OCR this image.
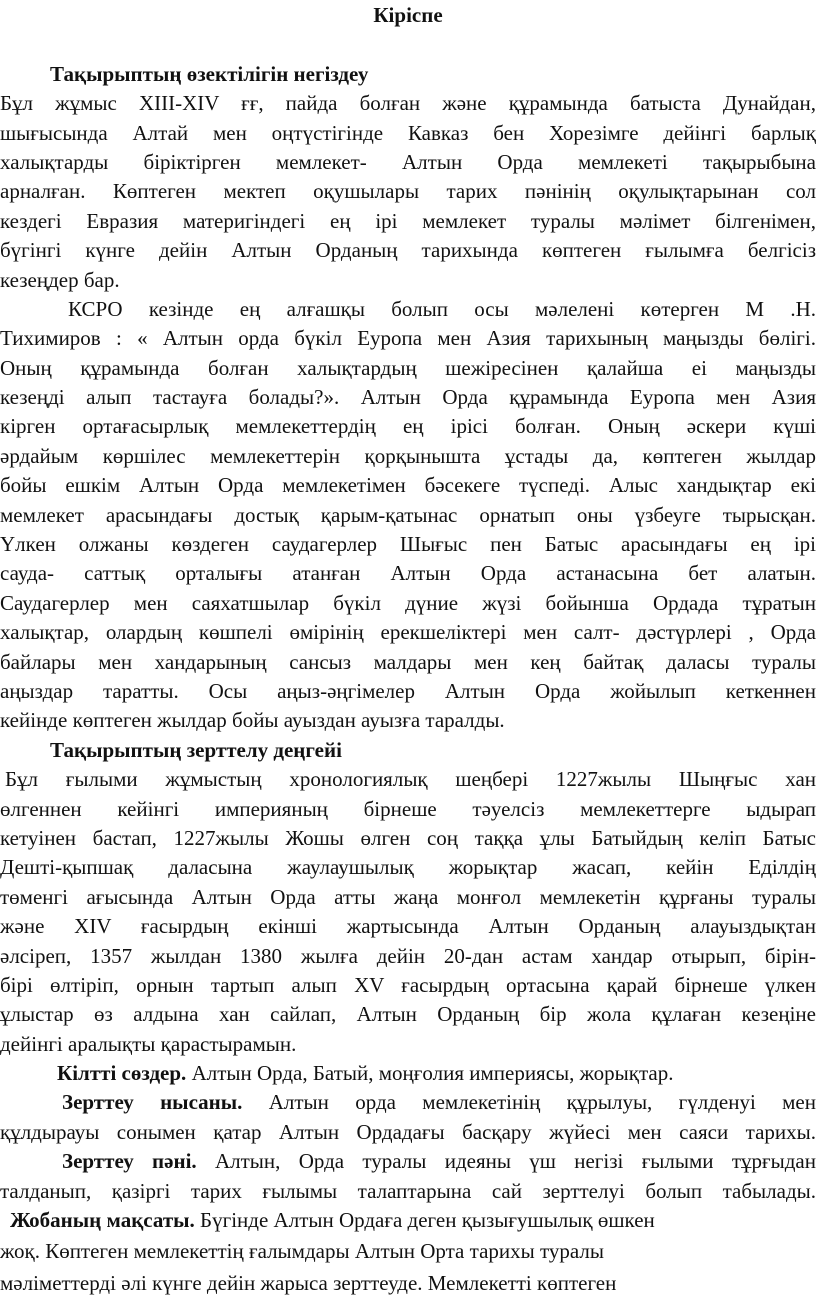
Кіріспе
Тақырыптың өзектілігін негіздеу
Бұл жұмыс XIII-XIV ғғ, пайда болған және құрамында батыста Дунайдан,
шығысында Алтай мен оңтүстігінде Кавказ бен Хорезімге дейінгі барлық
халықтарды біріктірген мемлекет- Алтын Орда мемлекеті тақырыбына
арналған. Көптеген мектеп оқушылары тарих пәнінің оқулықтарынан сол
кездегі Евразия материгіндегі ең ірі мемлекет туралы мәлімет білгенімен,
бүгінгі күнге дейін Алтын Орданың тарихында көптеген ғылымға белгісіз
кезеңдер бар.
КСРО кезінде ең алғашқы болып осы мәлелені көтерген М .Н.
Тихимиров : « Алтын орда бүкіл Еуропа мен Азия тарихының маңызды бөлігі.
Оның құрамында болған халықтардың шежіресінен қалайша еі маңызды
кезеңді алып тастауға болады?». Алтын Орда құрамында Еуропа мен Азия
кірген ортағасырлық мемлекеттердің ең ірісі болған. Оның әскери күші
әрдайым көршілес мемлекеттерін қорқынышта ұстады да, көптеген жылдар
бойы ешкім Алтын Орда мемлекетімен бәсекеге түспеді. Алыс хандықтар екі
мемлекет арасындағы достық қарым-қатынас орнатып оны үзбеуге тырысқан.
Үлкен олжаны көздеген саудагерлер Шығыс пен Батыс арасындағы ең ірі
сауда- саттық орталығы атанған Алтын Орда астанасына бет алатын.
Саудагерлер мен саяхатшылар бүкіл дүние жүзі бойынша Ордада тұратын
халықтар, олардың көшпелі өмірінің ерекшеліктері мен салт- дәстүрлері , Орда
байлары мен хандарының сансыз малдары мен кең байтақ даласы туралы
аңыздар таратты. Осы аңыз-әңгімелер Алтын Орда жойылып кеткеннен
кейінде көптеген жылдар бойы ауыздан ауызға таралды.
Тақырыптың зерттелу деңгейі
Бұл ғылыми жұмыстың хронологиялық шеңбері 1227жылы Шыңғыс хан
өлгеннен кейінгі империяның бірнеше тәуелсіз мемлекеттерге ыдырап
кетуінен бастап, 1227жылы Жошы өлген соң таққа ұлы Батыйдың келіп Батыс
Дешті-қыпшақ даласына жаулаушылық жорықтар жасап, кейін Еділдің
төменгі ағысында Алтын Орда атты жаңа монғол мемлекетін құрғаны туралы
және XIV ғасырдың екінші жартысында Алтын Орданың алауыздықтан
әлсіреп, 1357 жылдан 1380 жылға дейін 20-дан астам хандар отырып, бірін-
бірі өлтіріп, орнын тартып алып XV ғасырдың ортасына қарай бірнеше үлкен
ұлыстар өз алдына хан сайлап, Алтын Орданың бір жола құлаған кезеңіне
дейінгі аралықты қарастырамын.
Кілтті сөздер. Алтын Орда, Батый, моңғолия империясы, жорықтар.
Зерттеу нысаны. Алтын орда мемлекетінің құрылуы, гүлденуі мен
құлдырауы сонымен қатар Алтын Ордадағы басқару жүйесі мен саяси тарихы.
Зерттеу пәні. Алтын, Орда туралы идеяны үш негізі ғылыми тұрғыдан
талданып, қазіргі тарих ғылымы талаптарына сай зерттелуі болып табылады.
Жобаның мақсаты. Бүгінде Алтын Ордаға деген қызығушылық өшкен
жоқ. Көптеген мемлекеттің ғалымдары Алтын Орта тарихы туралы
мәліметтерді әлі күнге дейін жарыса зерттеуде. Мемлекетті көптеген
